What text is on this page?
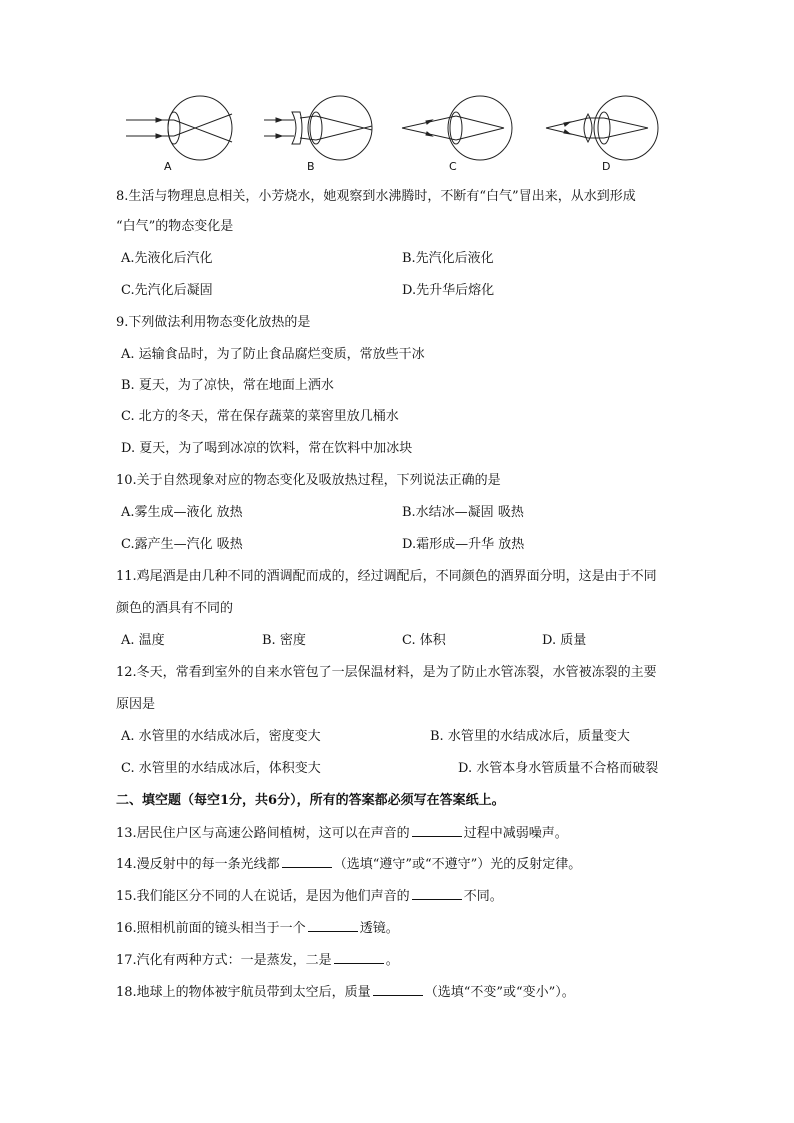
A	B	C	D
8.生活与物理息息相关，小芳烧水，她观察到水沸腾时，不断有“白气”冒出来，从水到形成
“白气”的物态变化是
A.先液化后汽化	B.先汽化后液化
C.先汽化后凝固	D.先升华后熔化
9.下列做法利用物态变化放热的是
A. 运输食品时，为了防止食品腐烂变质，常放些干冰
B. 夏天，为了凉快，常在地面上洒水
C. 北方的冬天，常在保存蔬菜的菜窖里放几桶水
D. 夏天，为了喝到冰凉的饮料，常在饮料中加冰块
10.关于自然现象对应的物态变化及吸放热过程，下列说法正确的是
A.雾生成—液化 放热	B.水结冰—凝固 吸热
C.露产生—汽化 吸热	D.霜形成—升华 放热
11.鸡尾酒是由几种不同的酒调配而成的，经过调配后，不同颜色的酒界面分明，这是由于不同
颜色的酒具有不同的
A. 温度	B. 密度	C. 体积	D. 质量
12.冬天，常看到室外的自来水管包了一层保温材料，是为了防止水管冻裂，水管被冻裂的主要
原因是
A. 水管里的水结成冰后，密度变大	B. 水管里的水结成冰后，质量变大
C. 水管里的水结成冰后，体积变大	D. 水管本身水管质量不合格而破裂
二、填空题（每空1分，共6分），所有的答案都必须写在答案纸上。
13.居民住户区与高速公路间植树，这可以在声音的	过程中减弱噪声。
14.漫反射中的每一条光线都	（选填“遵守”或“不遵守”）光的反射定律。
15.我们能区分不同的人在说话，是因为他们声音的	不同。
16.照相机前面的镜头相当于一个	透镜。
17.汽化有两种方式：一是蒸发，二是	。
18.地球上的物体被宇航员带到太空后，质量	（选填“不变”或“变小”）。
